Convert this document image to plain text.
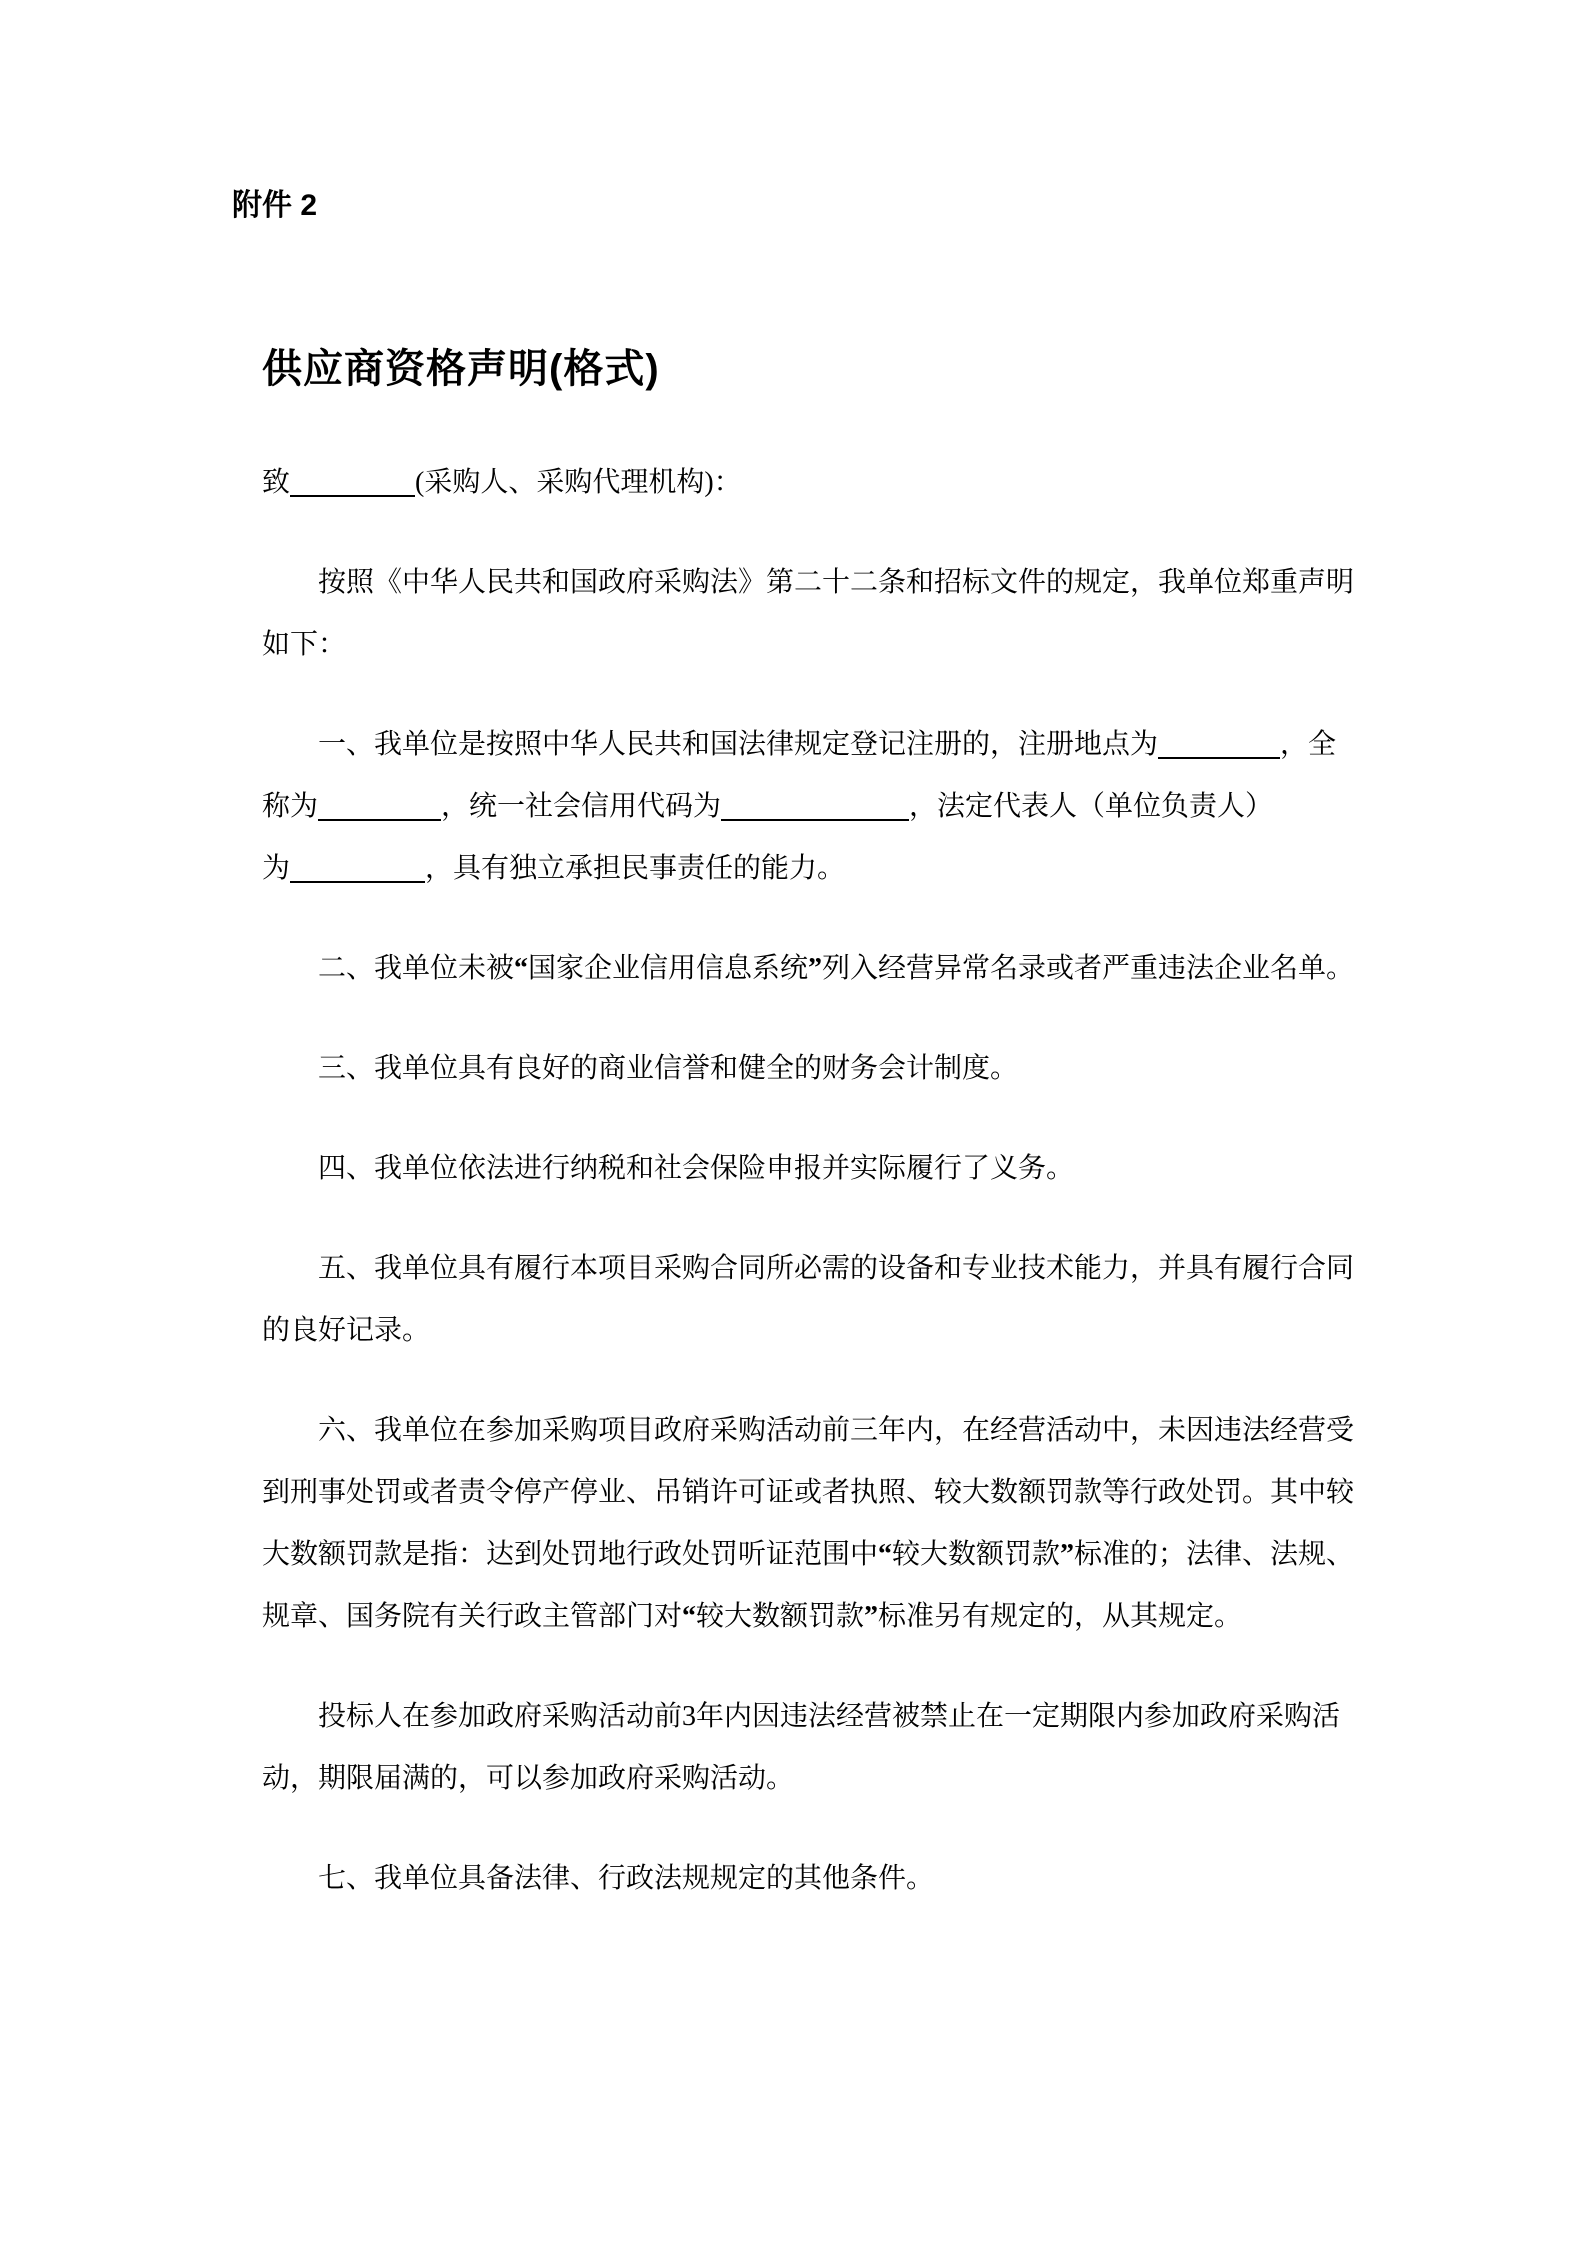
附件 2
供应商资格声明(格式)
致	(采购人、采购代理机构)：
按照《中华人民共和国政府采购法》第二十二条和招标文件的规定，我单位郑重声明
如下：
一、我单位是按照中华人民共和国法律规定登记注册的，注册地点为	，全
称为	，统一社会信用代码为	，法定代表人（单位负责人）
为	，具有独立承担民事责任的能力。
二、我单位未被“国家企业信用信息系统”列入经营异常名录或者严重违法企业名单。
三、我单位具有良好的商业信誉和健全的财务会计制度。
四、我单位依法进行纳税和社会保险申报并实际履行了义务。
五、我单位具有履行本项目采购合同所必需的设备和专业技术能力，并具有履行合同
的良好记录。
六、我单位在参加采购项目政府采购活动前三年内，在经营活动中，未因违法经营受
到刑事处罚或者责令停产停业、吊销许可证或者执照、较大数额罚款等行政处罚。其中较
大数额罚款是指：达到处罚地行政处罚听证范围中“较大数额罚款”标准的；法律、法规、
规章、国务院有关行政主管部门对“较大数额罚款”标准另有规定的，从其规定。
投标人在参加政府采购活动前3年内因违法经营被禁止在一定期限内参加政府采购活
动，期限届满的，可以参加政府采购活动。
七、我单位具备法律、行政法规规定的其他条件。
